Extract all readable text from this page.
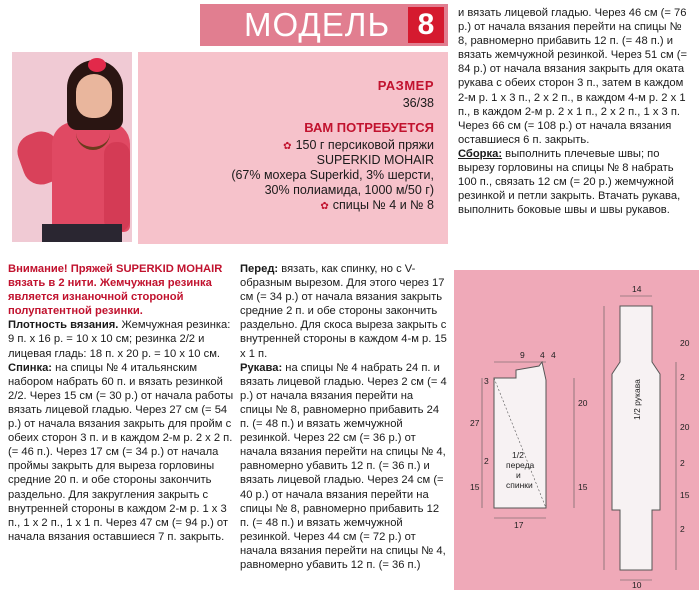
МОДЕЛЬ 8
РАЗМЕР
36/38
ВАМ ПОТРЕБУЕТСЯ
✿ 150 г персиковой пряжи
SUPERKID MOHAIR
(67% мохера Superkid, 3% шерсти,
30% полиамида, 1000 м/50 г)
✿ спицы № 4 и № 8

Внимание! Пряжей SUPERKID MOHAIR вязать в 2 нити. Жемчужная резинка является изнаночной стороной полупатентной резинки.

Плотность вязания. Жемчужная резинка: 9 п. х 16 р. = 10 х 10 см; резинка 2/2 и лицевая гладь: 18 п. х 20 р. = 10 х 10 см.

Спинка: на спицы № 4 итальянским набором набрать 60 п. и вязать резинкой 2/2. Через 15 см (= 30 р.) от начала работы вязать лицевой гладью. Через 27 см (= 54 р.) от начала вязания закрыть для пройм с обеих сторон 3 п. и в каждом 2-м р. 2 х 2 п. (= 46 п.). Через 17 см (= 34 р.) от начала проймы закрыть для выреза горловины средние 20 п. и обе стороны закончить раздельно. Для закругления закрыть с внутренней стороны в каждом 2-м р. 1 х 3 п., 1 х 2 п., 1 х 1 п. Через 47 см (= 94 р.) от начала вязания оставшиеся 7 п. закрыть.

Перед: вязать, как спинку, но с V-образным вырезом. Для этого через 17 см (= 34 р.) от начала вязания закрыть средние 2 п. и обе стороны закончить раздельно. Для скоса выреза закрыть с внутренней стороны в каждом 4-м р. 15 х 1 п.

Рукава: на спицы № 4 набрать 24 п. и вязать лицевой гладью. Через 2 см (= 4 р.) от начала вязания перейти на спицы № 8, равномерно прибавить 24 п. (= 48 п.) и вязать жемчужной резинкой. Через 22 см (= 36 р.) от начала вязания перейти на спицы № 4, равномерно убавить 12 п. (= 36 п.) и вязать лицевой гладью. Через 24 см (= 40 р.) от начала вязания перейти на спицы № 8, равномерно прибавить 12 п. (= 48 п.) и вязать жемчужной резинкой. Через 44 см (= 72 р.) от начала вязания перейти на спицы № 4, равномерно убавить 12 п. (= 36 п.)

и вязать лицевой гладью. Через 46 см (= 76 р.) от начала вязания перейти на спицы № 8, равномерно прибавить 12 п. (= 48 п.) и вязать жемчужной резинкой. Через 51 см (= 84 р.) от начала вязания закрыть для оката рукава с обеих сторон 3 п., затем в каждом 2-м р. 1 х 3 п., 2 х 2 п., в каждом 4-м р. 2 х 1 п., в каждом 2-м р. 2 х 1 п., 2 х 2 п., 1 х 3 п. Через 66 см (= 108 р.) от начала вязания оставшиеся 6 п. закрыть.

Сборка: выполнить плечевые швы; по вырезу горловины на спицы № 8 набрать 100 п., связать 12 см (= 20 р.) жемчужной резинкой и петли закрыть. Втачать рукава, выполнить боковые швы и швы рукавов.

1/2
переда
и
спинки
1/2 рукава
9 4 4
3
20
27
2
15	15
17
14
20
2
20
2
15
2
10
